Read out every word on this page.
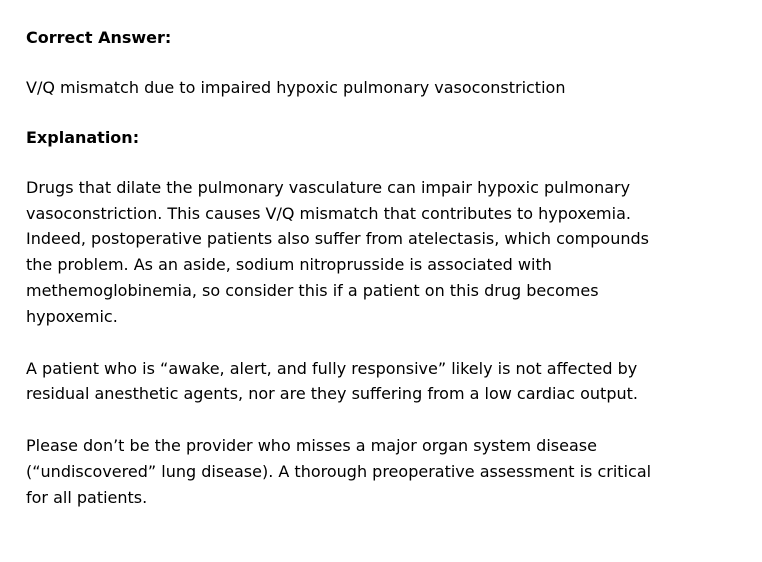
Correct Answer:

V/Q mismatch due to impaired hypoxic pulmonary vasoconstriction

Explanation:

Drugs that dilate the pulmonary vasculature can impair hypoxic pulmonary vasoconstriction. This causes V/Q mismatch that contributes to hypoxemia. Indeed, postoperative patients also suffer from atelectasis, which compounds the problem. As an aside, sodium nitroprusside is associated with methemoglobinemia, so consider this if a patient on this drug becomes hypoxemic.

A patient who is “awake, alert, and fully responsive” likely is not affected by residual anesthetic agents, nor are they suffering from a low cardiac output.

Please don’t be the provider who misses a major organ system disease (“undiscovered” lung disease). A thorough preoperative assessment is critical for all patients.
